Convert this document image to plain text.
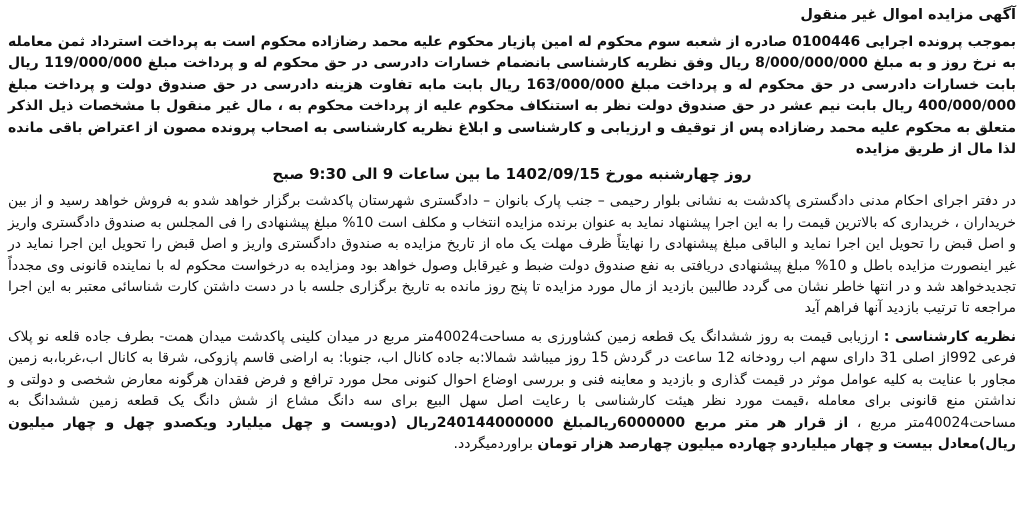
آگهی مزایده اموال غیر منقول

بموجب پرونده اجرایی 0100446 صادره از شعبه سوم محکوم له امین پازیار محکوم علیه محمد رضازاده محکوم است به پرداخت استرداد ثمن معامله به نرخ روز و به مبلغ 8/000/000/000 ریال وفق نظریه کارشناسی بانضمام خسارات دادرسی در حق محکوم له و پرداخت مبلغ 119/000/000 ریال بابت خسارات دادرسی در حق محکوم له و پرداخت مبلغ 163/000/000 ریال بابت مابه تفاوت هزینه دادرسی در حق صندوق دولت و پرداخت مبلغ 400/000/000 ریال بابت نیم عشر در حق صندوق دولت نظر به استنکاف محکوم علیه از پرداخت محکوم به ، مال غیر منقول با مشخصات ذیل الذکر متعلق به محکوم علیه محمد رضازاده پس از توقیف و ارزیابی و کارشناسی و ابلاغ نظریه کارشناسی به اصحاب پرونده مصون از اعتراض باقی مانده لذا مال از طریق مزایده

روز چهارشنبه مورخ 1402/09/15 ما بین ساعات 9 الی 9:30 صبح

در دفتر اجرای احکام مدنی دادگستری پاکدشت به نشانی بلوار رحیمی – جنب پارک بانوان – دادگستری شهرستان پاکدشت برگزار خواهد شدو به فروش خواهد رسید و از بین خریداران ، خریداری که بالاترین قیمت را به این اجرا پیشنهاد نماید به عنوان برنده مزایده انتخاب و مکلف است 10% مبلغ پیشنهادی را فی المجلس به صندوق دادگستری واریز و اصل قبض را تحویل این اجرا نماید و الباقی مبلغ پیشنهادی را نهایتاً ظرف مهلت یک ماه از تاریخ مزایده به صندوق دادگستری واریز و اصل قبض را تحویل این اجرا نماید در غیر اینصورت مزایده باطل و 10% مبلغ پیشنهادی دریافتی به نفع صندوق دولت ضبط و غیرقابل وصول خواهد بود ومزایده به درخواست محکوم له با نماینده قانونی وی مجدداً تجدیدخواهد شد و در انتها خاطر نشان می گردد طالبین بازدید از مال مورد مزایده تا پنج روز مانده به تاریخ برگزاری جلسه با در دست داشتن کارت شناسائی معتبر به این اجرا مراجعه تا ترتیب بازدید آنها فراهم آید

نظریه کارشناسی : ارزیابی قیمت به روز ششدانگ یک قطعه زمین کشاورزی به مساحت40024متر مربع در میدان کلینی پاکدشت میدان همت- بطرف جاده قلعه نو پلاک فرعی 992از اصلی 31 دارای سهم اب رودخانه 12 ساعت در گردش 15 روز میباشد شمالا:به جاده کانال اب، جنوبا: به اراضی قاسم پازوکی، شرقا به کانال اب،غربا،به زمین مجاور با عنایت به کلیه عوامل موثر در قیمت گذاری و بازدید و معاینه فنی و بررسی اوضاع احوال کنونی محل مورد ترافع و فرض فقدان هرگونه معارض شخصی و دولتی و نداشتن منع قانونی برای معامله ،قیمت مورد نظر هیئت کارشناسی با رعایت اصل سهل البیع برای سه دانگ مشاع از شش دانگ یک قطعه زمین ششدانگ به مساحت40024متر مربع ، از قرار هر متر مربع 6000000ریالمبلغ 240144000000ریال (دویست و چهل میلیارد ویکصدو چهل و چهار میلیون ریال)معادل بیست و چهار میلیاردو چهارده میلیون چهارصد هزار تومان براوردمیگردد.
